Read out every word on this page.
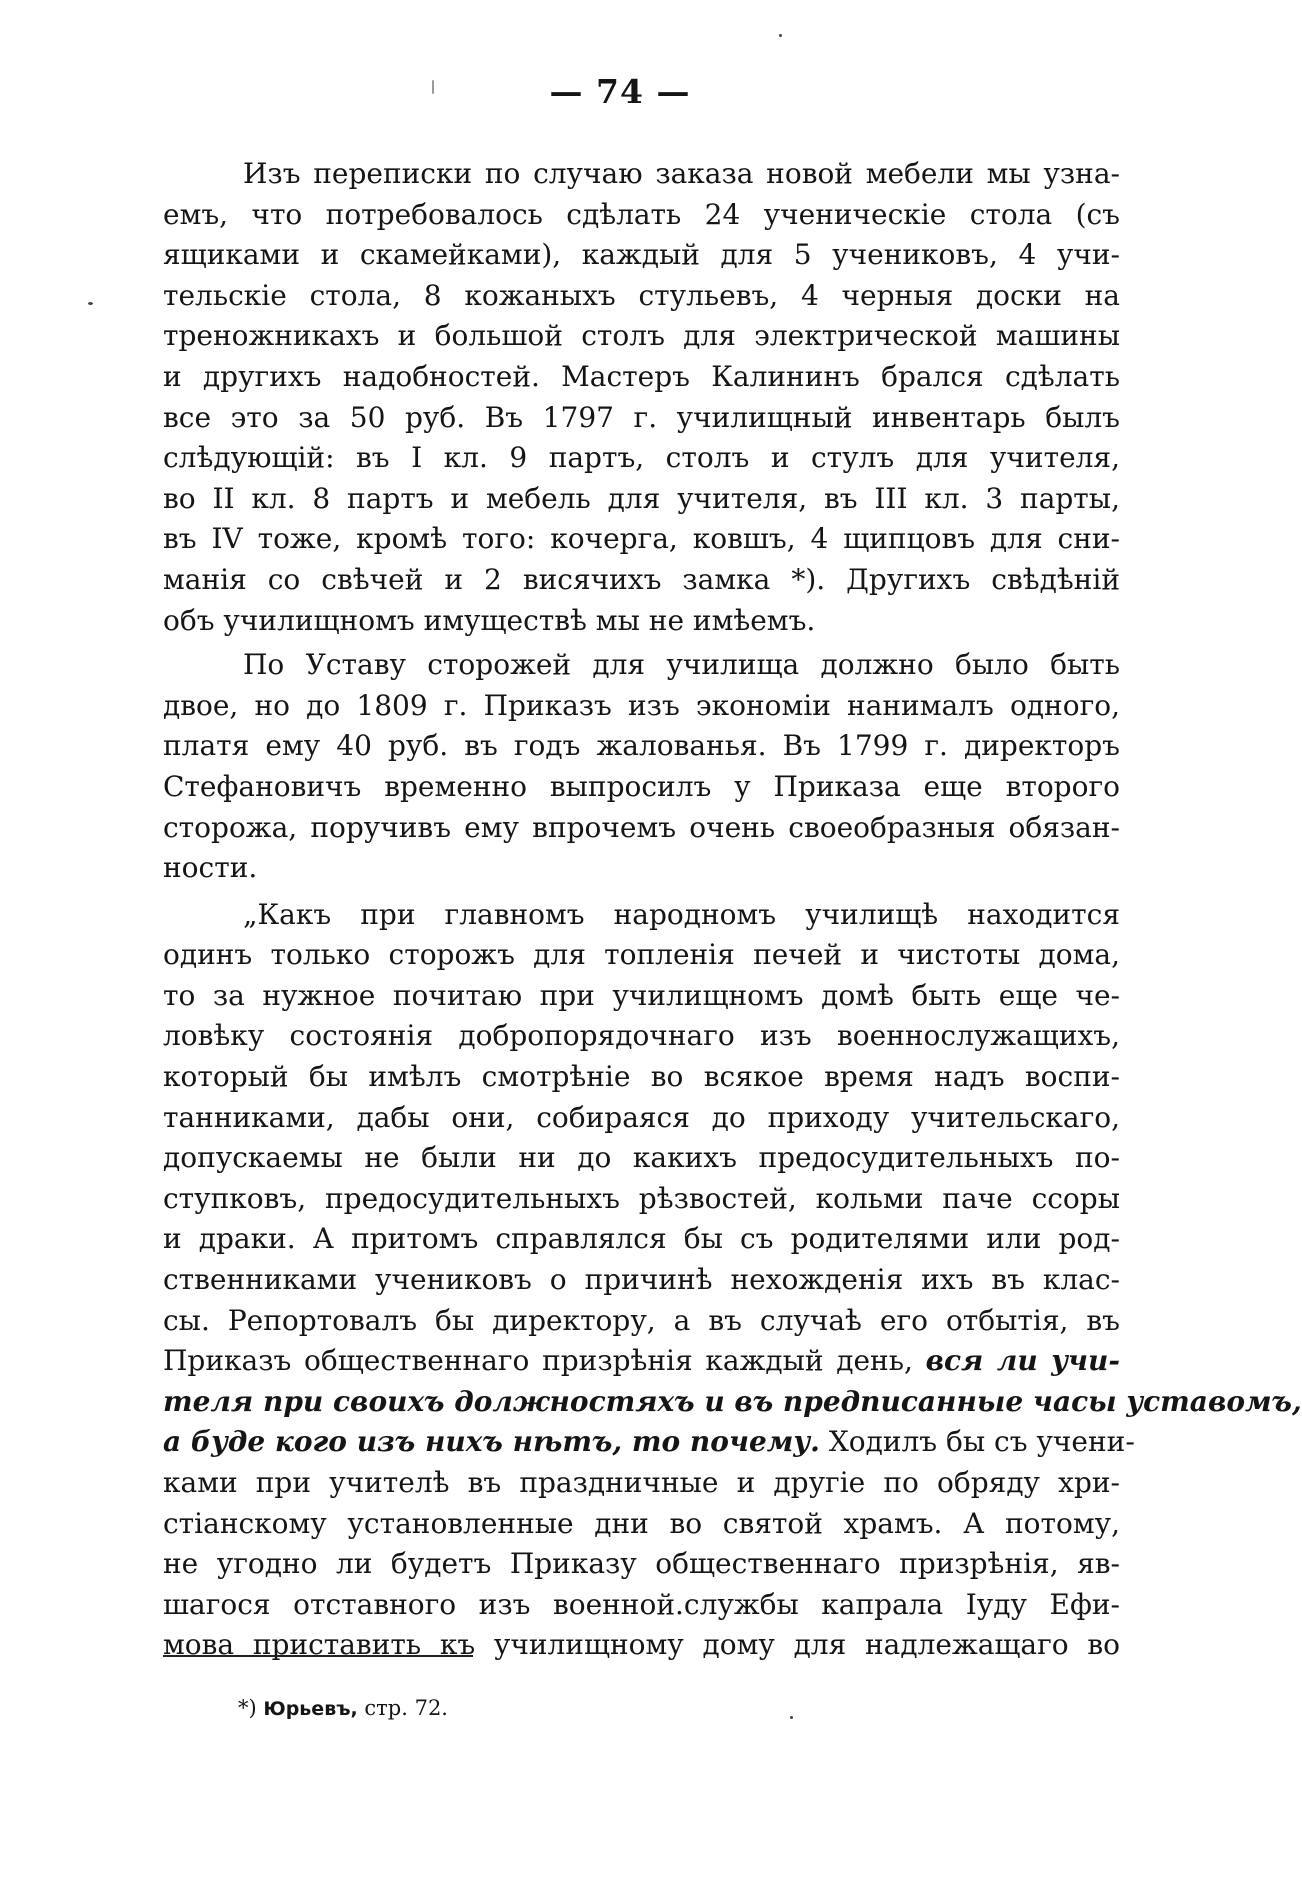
— 74 —
Изъ переписки по случаю заказа новой мебели мы узна-
емъ, что потребовалось сдѣлать 24 ученическіе стола (съ
ящиками и скамейками), каждый для 5 учениковъ, 4 учи-
тельскіе стола, 8 кожаныхъ стульевъ, 4 черныя доски на
треножникахъ и большой столъ для электрической машины
и другихъ надобностей. Мастеръ Калининъ брался сдѣлать
все это за 50 руб. Въ 1797 г. училищный инвентарь былъ
слѣдующій: въ I кл. 9 партъ, столъ и стулъ для учителя,
во II кл. 8 партъ и мебель для учителя, въ III кл. 3 парты,
въ IV тоже, кромѣ того: кочерга, ковшъ, 4 щипцовъ для сни-
манія со свѣчей и 2 висячихъ замка *). Другихъ свѣдѣній
объ училищномъ имуществѣ мы не имѣемъ.
По Уставу сторожей для училища должно было быть
двое, но до 1809 г. Приказъ изъ экономіи нанималъ одного,
платя ему 40 руб. въ годъ жалованья. Въ 1799 г. директоръ
Стефановичъ временно выпросилъ у Приказа еще второго
сторожа, поручивъ ему впрочемъ очень своеобразныя обязан-
ности.
„Какъ при главномъ народномъ училищѣ находится
одинъ только сторожъ для топленія печей и чистоты дома,
то за нужное почитаю при училищномъ домѣ быть еще че-
ловѣку состоянія добропорядочнаго изъ военнослужащихъ,
который бы имѣлъ смотрѣніе во всякое время надъ воспи-
танниками, дабы они, собираяся до приходу учительскаго,
допускаемы не были ни до какихъ предосудительныхъ по-
ступковъ, предосудительныхъ рѣзвостей, кольми паче ссоры
и драки. А притомъ справлялся бы съ родителями или род-
ственниками учениковъ о причинѣ нехожденія ихъ въ клас-
сы. Репортовалъ бы директору, а въ случаѣ его отбытія, въ
Приказъ общественнаго призрѣнія каждый день, вся ли учи-
теля при своихъ должностяхъ и въ предписанные часы уставомъ,
а буде кого изъ нихъ нѣтъ, то почему. Ходилъ бы съ учени-
ками при учителѣ въ праздничные и другіе по обряду хри-
стіанскому установленные дни во святой храмъ. А потому,
не угодно ли будетъ Приказу общественнаго призрѣнія, яв-
шагося отставного изъ военной.службы капрала Іуду Ефи-
мова приставить къ училищному дому для надлежащаго во
*) Юрьевъ, стр. 72.
